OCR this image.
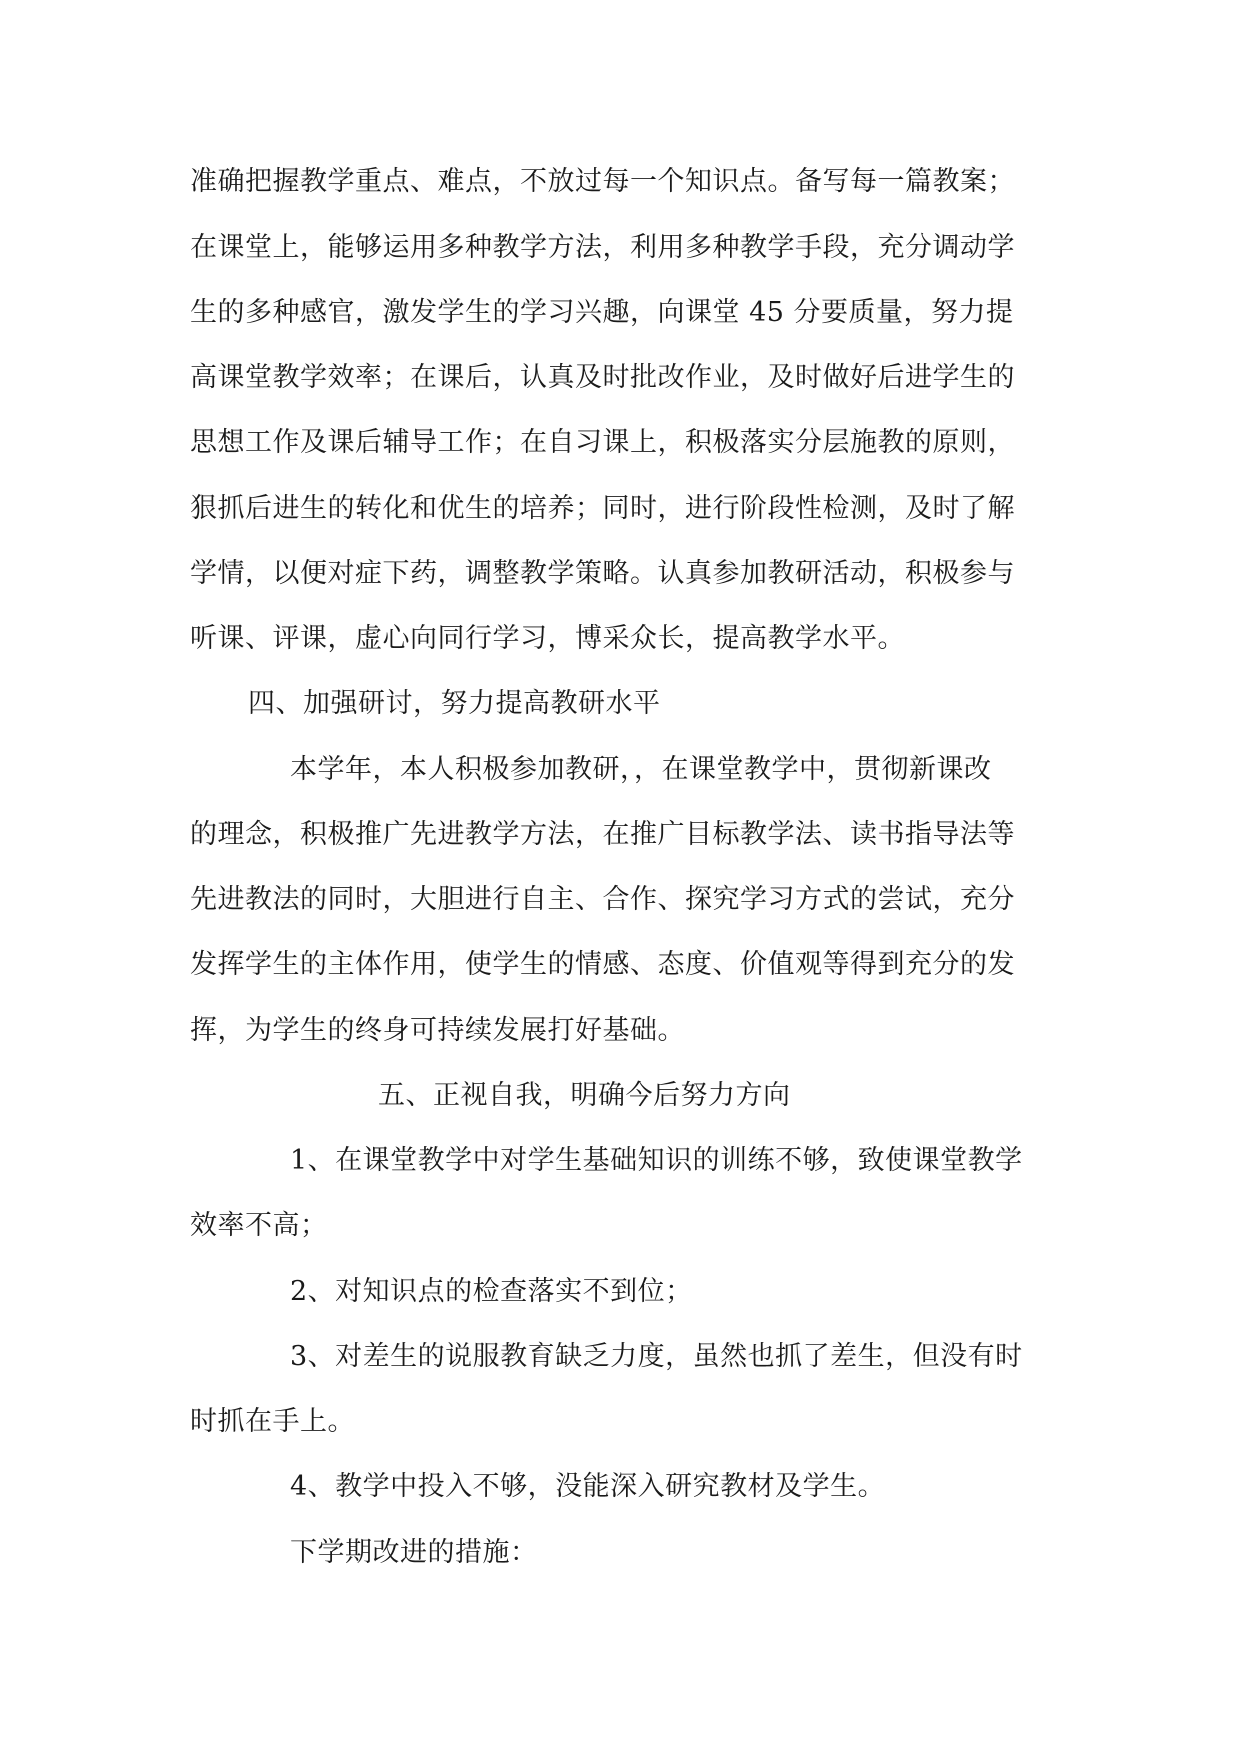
准确把握教学重点、难点，不放过每一个知识点。备写每一篇教案；
在课堂上，能够运用多种教学方法，利用多种教学手段，充分调动学
生的多种感官，激发学生的学习兴趣，向课堂 45 分要质量，努力提
高课堂教学效率；在课后，认真及时批改作业，及时做好后进学生的
思想工作及课后辅导工作；在自习课上，积极落实分层施教的原则，
狠抓后进生的转化和优生的培养；同时，进行阶段性检测，及时了解
学情，以便对症下药，调整教学策略。认真参加教研活动，积极参与
听课、评课，虚心向同行学习，博采众长，提高教学水平。
四、加强研讨，努力提高教研水平
本学年，本人积极参加教研，，在课堂教学中，贯彻新课改
的理念，积极推广先进教学方法，在推广目标教学法、读书指导法等
先进教法的同时，大胆进行自主、合作、探究学习方式的尝试，充分
发挥学生的主体作用，使学生的情感、态度、价值观等得到充分的发
挥，为学生的终身可持续发展打好基础。
五、正视自我，明确今后努力方向
1、在课堂教学中对学生基础知识的训练不够，致使课堂教学
效率不高；
2、对知识点的检查落实不到位；
3、对差生的说服教育缺乏力度，虽然也抓了差生，但没有时
时抓在手上。
4、教学中投入不够，没能深入研究教材及学生。
下学期改进的措施：
